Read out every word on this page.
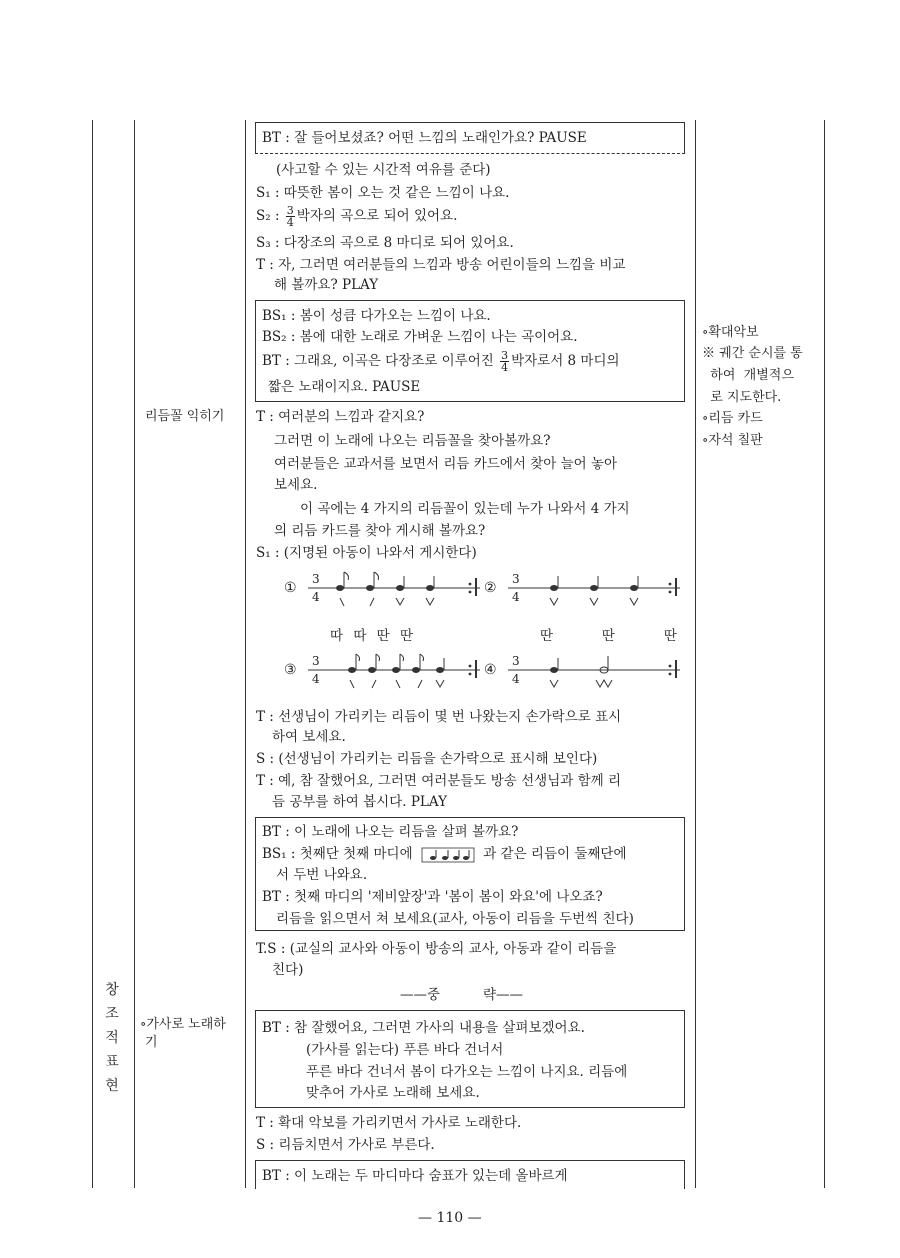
창조적 표현
리듬꼴 익히기
∘가사로 노래하
기
BT : 잘 들어보셨죠? 어떤 느낌의 노래인가요? PAUSE
(사고할 수 있는 시간적 여유를 준다)
S₁ : 따뜻한 봄이 오는 것 같은 느낌이 나요.
S₂ : $\frac{3}{4}$ 박자의 곡으로 되어 있어요.
S₃ : 다장조의 곡으로 8 마디로 되어 있어요.
T : 자, 그러면 여러분들의 느낌과 방송 어린이들의 느낌을 비교
해 볼까요? PLAY
BS₁ : 봄이 성큼 다가오는 느낌이 나요.
BS₂ : 봄에 대한 노래로 가벼운 느낌이 나는 곡이어요.
BT : 그래요, 이곡은 다장조로 이루어진 $\frac{3}{4}$ 박자로서 8 마디의
짧은 노래이지요. PAUSE
T : 여러분의 느낌과 같지요?
그러면 이 노래에 나오는 리듬꼴을 찾아볼까요?
여러분들은 교과서를 보면서 리듬 카드에서 찾아 늘어 놓아
보세요.
이 곡에는 4 가지의 리듬꼴이 있는데 누가 나와서 4 가지
의 리듬 카드를 찾아 게시해 볼까요?
S₁ : (지명된 아동이 나와서 게시한다)
①
3
4
②
3
4
따 따 딴 딴	딴   딴   딴
③
3
4
④
3
4
T : 선생님이 가리키는 리듬이 몇 번 나왔는지 손가락으로 표시
하여 보세요.
S : (선생님이 가리키는 리듬을 손가락으로 표시해 보인다)
T : 예, 참 잘했어요, 그러면 여러분들도 방송 선생님과 함께 리
듬 공부를 하여 봅시다. PLAY
BT : 이 노래에 나오는 리듬을 살펴 볼까요?
BS₁ : 첫째단 첫째 마디에	과 같은 리듬이 둘째단에
서 두번 나와요.
BT : 첫째 마디의 '제비앞장'과 '봄이 봄이 와요'에 나오죠?
리듬을 읽으면서 쳐 보세요(교사, 아동이 리듬을 두번씩 친다)
T.S : (교실의 교사와 아동이 방송의 교사, 아동과 같이 리듬을
친다)
——중          략——
BT : 참 잘했어요, 그러면 가사의 내용을 살펴보겠어요.
(가사를 읽는다) 푸른 바다 건너서
푸른 바다 건너서 봄이 다가오는 느낌이 나지요. 리듬에
맞추어 가사로 노래해 보세요.
T : 확대 악보를 가리키면서 가사로 노래한다.
S : 리듬치면서 가사로 부른다.
BT : 이 노래는 두 마디마다 숨표가 있는데 올바르게
∘확대악보
※ 궤간 순시를 통
하여  개별적으
로 지도한다.
∘리듬 카드
∘자석 칠판
— 110 —
